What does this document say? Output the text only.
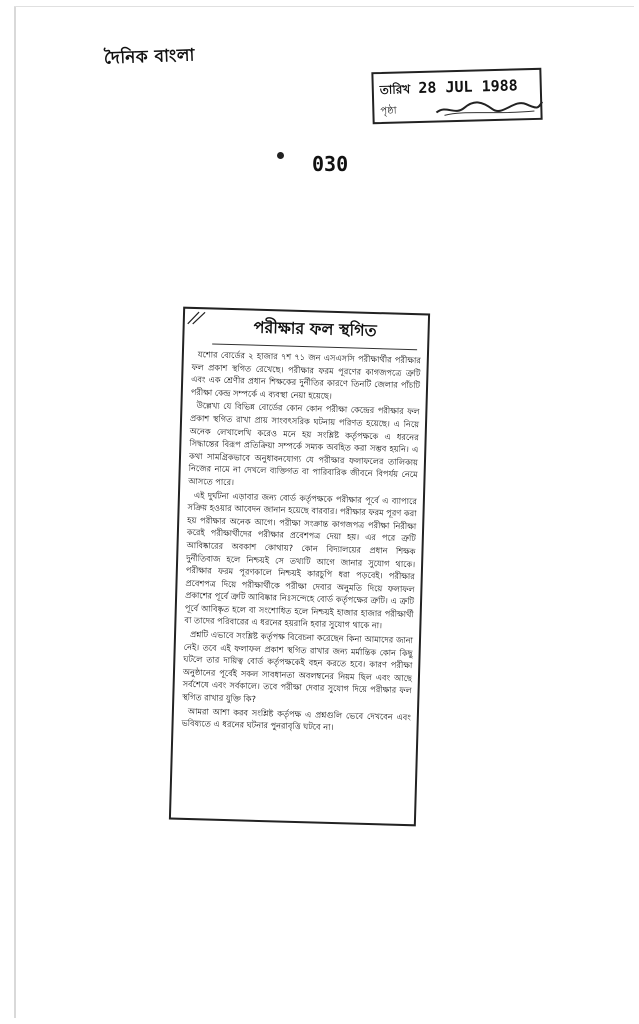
দৈনিক বাংলা
তারিখ 28 JUL 1988
পৃষ্ঠা
030
পরীক্ষার ফল স্থগিত

যশোর বোর্ডের ২ হাজার ৭শ ৭১ জন এসএসসি পরীক্ষার্থীর পরীক্ষার ফল প্রকাশ স্থগিত রেখেছে। পরীক্ষার ফরম পূরণের কাগজপত্রে ত্রুটি এবং এক শ্রেণীর প্রধান শিক্ষকের দুর্নীতির কারণে তিনটি জেলার পাঁচটি পরীক্ষা কেন্দ্র সম্পর্কে এ ব্যবস্থা নেয়া হয়েছে।

উল্লেখ্য যে বিভিন্ন বোর্ডের কোন কোন পরীক্ষা কেন্দ্রের পরীক্ষার ফল প্রকাশ স্থগিত রাখা প্রায় সাংবৎসরিক ঘটনায় পরিণত হয়েছে। এ নিয়ে অনেক লেখালেখি করেও মনে হয় সংশ্লিষ্ট কর্তৃপক্ষকে এ ধরনের সিদ্ধান্তের বিরূপ প্রতিক্রিয়া সম্পর্কে সম্যক অবহিত করা সম্ভব হয়নি। এ কথা সামগ্রিকভাবে অনুধাবনযোগ্য যে পরীক্ষার ফলাফলের তালিকায় নিজের নামে না দেখলে ব্যক্তিগত বা পারিবারিক জীবনে বিপর্যয় নেমে আসতে পারে।

এই দুর্ঘটনা এড়াবার জন্য বোর্ড কর্তৃপক্ষকে পরীক্ষার পূর্বে এ ব্যাপারে সক্রিয় হওয়ার আবেদন জানান হয়েছে বারবার। পরীক্ষার ফরম পূরণ করা হয় পরীক্ষার অনেক আগে। পরীক্ষা সংক্রান্ত কাগজপত্র পরীক্ষা নিরীক্ষা করেই পরীক্ষার্থীদের পরীক্ষার প্রবেশপত্র দেয়া হয়। এর পরে ত্রুটি আবিষ্কারের অবকাশ কোথায়? কোন বিদ্যালয়ের প্রধান শিক্ষক দুর্নীতিবাজ হলে নিশ্চয়ই সে তথ্যটি আগে জানার সুযোগ থাকে। পরীক্ষার ফরম পূরণকালে নিশ্চয়ই কারচুপি ধরা পড়বেই। পরীক্ষার প্রবেশপত্র দিয়ে পরীক্ষার্থীকে পরীক্ষা দেবার অনুমতি দিয়ে ফলাফল প্রকাশের পূর্বে ত্রুটি আবিষ্কার নিঃসন্দেহে বোর্ড কর্তৃপক্ষের ত্রুটি। এ ত্রুটি পূর্বে আবিষ্কৃত হলে বা সংশোধিত হলে নিশ্চয়ই হাজার হাজার পরীক্ষার্থী বা তাদের পরিবারের এ ধরনের হয়রানি হবার সুযোগ থাকে না।

প্রশ্নটি এভাবে সংশ্লিষ্ট কর্তৃপক্ষ বিবেচনা করেছেন কিনা আমাদের জানা নেই। তবে এই ফলাফল প্রকাশ স্থগিত রাখার জন্য মর্মান্তিক কোন কিছু ঘটলে তার দায়িত্ব বোর্ড কর্তৃপক্ষকেই বহন করতে হবে। কারণ পরীক্ষা অনুষ্ঠানের পূর্বেই সকল সাবধানতা অবলম্বনের নিয়ম ছিল এবং আছে সর্বশেষে এবং সর্বকালে। তবে পরীক্ষা দেবার সুযোগ দিয়ে পরীক্ষার ফল স্থগিত রাখার যুক্তি কি?

আমরা আশা করব সংশ্লিষ্ট কর্তৃপক্ষ এ প্রশ্নগুলি ভেবে দেখবেন এবং ভবিষ্যতে এ ধরনের ঘটনার পুনরাবৃত্তি ঘটবে না।
